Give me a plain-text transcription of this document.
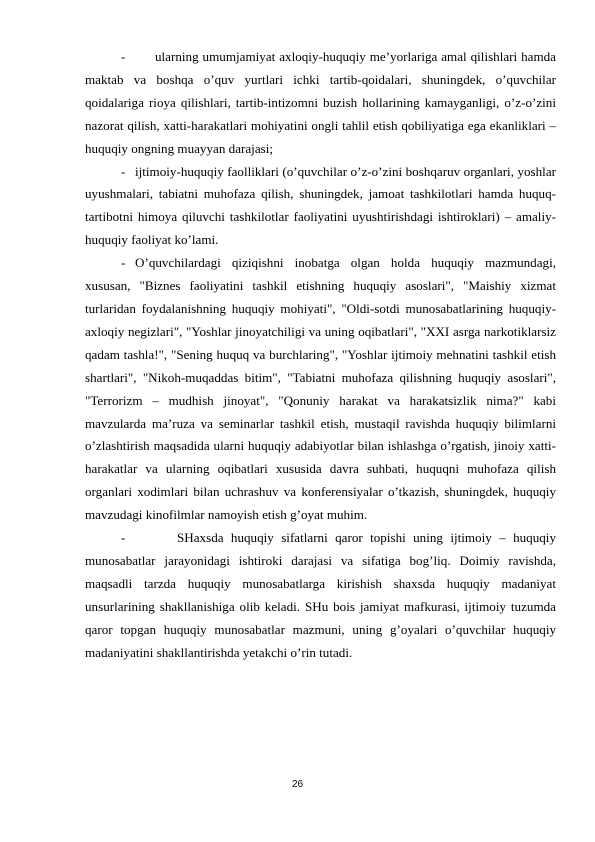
- ularning umumjamiyat axloqiy-huquqiy me’yorlariga amal qilishlari hamda maktab va boshqa o’quv yurtlari ichki tartib-qoidalari, shuningdek, o’quvchilar qoidalariga rioya qilishlari, tartib-intizomni buzish hollarining kamayganligi, o’z-o’zini nazorat qilish, xatti-harakatlari mohiyatini ongli tahlil etish qobiliyatiga ega ekanliklari – huquqiy ongning muayyan darajasi;

- ijtimoiy-huquqiy faolliklari (o’quvchilar o’z-o’zini boshqaruv organlari, yoshlar uyushmalari, tabiatni muhofaza qilish, shuningdek, jamoat tashkilotlari hamda huquq-tartibotni himoya qiluvchi tashkilotlar faoliyatini uyushtirishdagi ishtiroklari) – amaliy-huquqiy faoliyat ko’lami.

- O’quvchilardagi qiziqishni inobatga olgan holda huquqiy mazmundagi, xususan, "Biznes faoliyatini tashkil etishning huquqiy asoslari", "Maishiy xizmat turlaridan foydalanishning huquqiy mohiyati", "Oldi-sotdi munosabatlarining huquqiy-axloqiy negizlari", "Yoshlar jinoyatchiligi va uning oqibatlari", "XXI asrga narkotiklarsiz qadam tashla!", "Sening huquq va burchlaring", "Yoshlar ijtimoiy mehnatini tashkil etish shartlari", "Nikoh-muqaddas bitim", "Tabiatni muhofaza qilishning huquqiy asoslari", "Terrorizm – mudhish jinoyat", "Qonuniy harakat va harakatsizlik nima?" kabi mavzularda ma’ruza va seminarlar tashkil etish, mustaqil ravishda huquqiy bilimlarni o’zlashtirish maqsadida ularni huquqiy adabiyotlar bilan ishlashga o’rgatish, jinoiy xatti-harakatlar va ularning oqibatlari xususida davra suhbati, huquqni muhofaza qilish organlari xodimlari bilan uchrashuv va konferensiyalar o’tkazish, shuningdek, huquqiy mavzudagi kinofilmlar namoyish etish g’oyat muhim.

-	SHaxsda huquqiy sifatlarni qaror topishi uning ijtimoiy – huquqiy munosabatlar jarayonidagi ishtiroki darajasi va sifatiga bog’liq. Doimiy ravishda, maqsadli tarzda huquqiy munosabatlarga kirishish shaxsda huquqiy madaniyat unsurlarining shakllanishiga olib keladi. SHu bois jamiyat mafkurasi, ijtimoiy tuzumda qaror topgan huquqiy munosabatlar mazmuni, uning g’oyalari o’quvchilar huquqiy madaniyatini shakllantirishda yetakchi o’rin tutadi.

26
